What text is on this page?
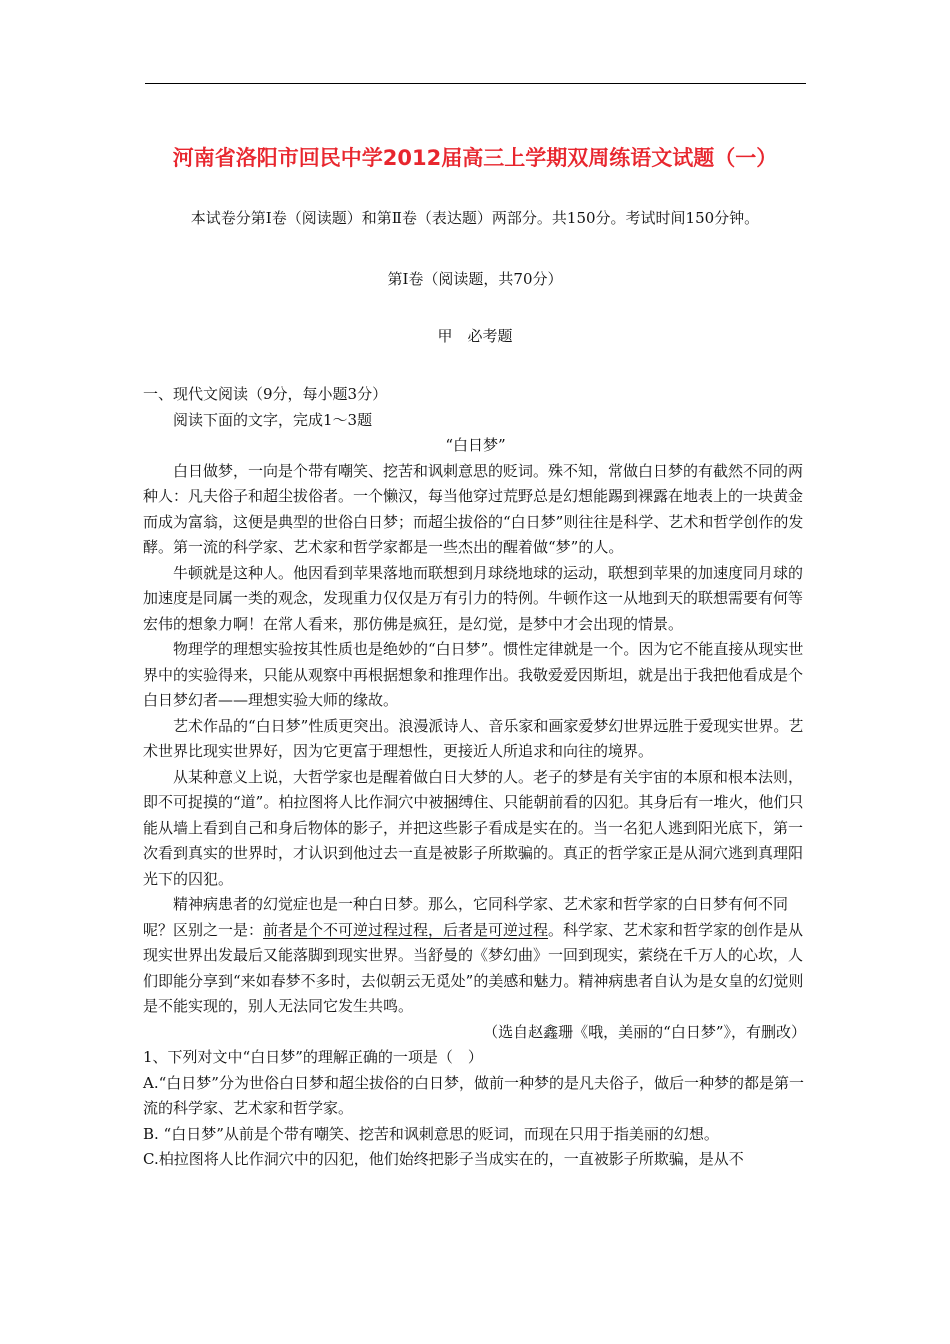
河南省洛阳市回民中学2012届高三上学期双周练语文试题（一）
本试卷分第Ⅰ卷（阅读题）和第Ⅱ卷（表达题）两部分。共150分。考试时间150分钟。
第Ⅰ卷（阅读题，共70分）
甲　必考题

一、现代文阅读（9分，每小题3分）

阅读下面的文字，完成1～3题

“白日梦”

白日做梦，一向是个带有嘲笑、挖苦和讽刺意思的贬词。殊不知，常做白日梦的有截然不同的两种人：凡夫俗子和超尘拔俗者。一个懒汉，每当他穿过荒野总是幻想能踢到裸露在地表上的一块黄金而成为富翁，这便是典型的世俗白日梦；而超尘拔俗的“白日梦”则往往是科学、艺术和哲学创作的发酵。第一流的科学家、艺术家和哲学家都是一些杰出的醒着做“梦”的人。

牛顿就是这种人。他因看到苹果落地而联想到月球绕地球的运动，联想到苹果的加速度同月球的加速度是同属一类的观念，发现重力仅仅是万有引力的特例。牛顿作这一从地到天的联想需要有何等宏伟的想象力啊！在常人看来，那仿佛是疯狂，是幻觉，是梦中才会出现的情景。

物理学的理想实验按其性质也是绝妙的“白日梦”。惯性定律就是一个。因为它不能直接从现实世界中的实验得来，只能从观察中再根据想象和推理作出。我敬爱爱因斯坦，就是出于我把他看成是个白日梦幻者——理想实验大师的缘故。

艺术作品的“白日梦”性质更突出。浪漫派诗人、音乐家和画家爱梦幻世界远胜于爱现实世界。艺术世界比现实世界好，因为它更富于理想性，更接近人所追求和向往的境界。

从某种意义上说，大哲学家也是醒着做白日大梦的人。老子的梦是有关宇宙的本原和根本法则，即不可捉摸的“道”。柏拉图将人比作洞穴中被捆缚住、只能朝前看的囚犯。其身后有一堆火，他们只能从墙上看到自己和身后物体的影子，并把这些影子看成是实在的。当一名犯人逃到阳光底下，第一次看到真实的世界时，才认识到他过去一直是被影子所欺骗的。真正的哲学家正是从洞穴逃到真理阳光下的囚犯。

精神病患者的幻觉症也是一种白日梦。那么，它同科学家、艺术家和哲学家的白日梦有何不同呢？区别之一是：前者是个不可逆过程过程，后者是可逆过程。科学家、艺术家和哲学家的创作是从现实世界出发最后又能落脚到现实世界。当舒曼的《梦幻曲》一回到现实，萦绕在千万人的心坎，人们即能分享到“来如春梦不多时，去似朝云无觅处”的美感和魅力。精神病患者自认为是女皇的幻觉则是不能实现的，别人无法同它发生共鸣。

（选自赵鑫珊《哦，美丽的“白日梦”》，有删改）

1、下列对文中“白日梦”的理解正确的一项是（　）

A.“白日梦”分为世俗白日梦和超尘拔俗的白日梦，做前一种梦的是凡夫俗子，做后一种梦的都是第一流的科学家、艺术家和哲学家。

B. “白日梦”从前是个带有嘲笑、挖苦和讽刺意思的贬词，而现在只用于指美丽的幻想。

C.柏拉图将人比作洞穴中的囚犯，他们始终把影子当成实在的，一直被影子所欺骗，是从不
